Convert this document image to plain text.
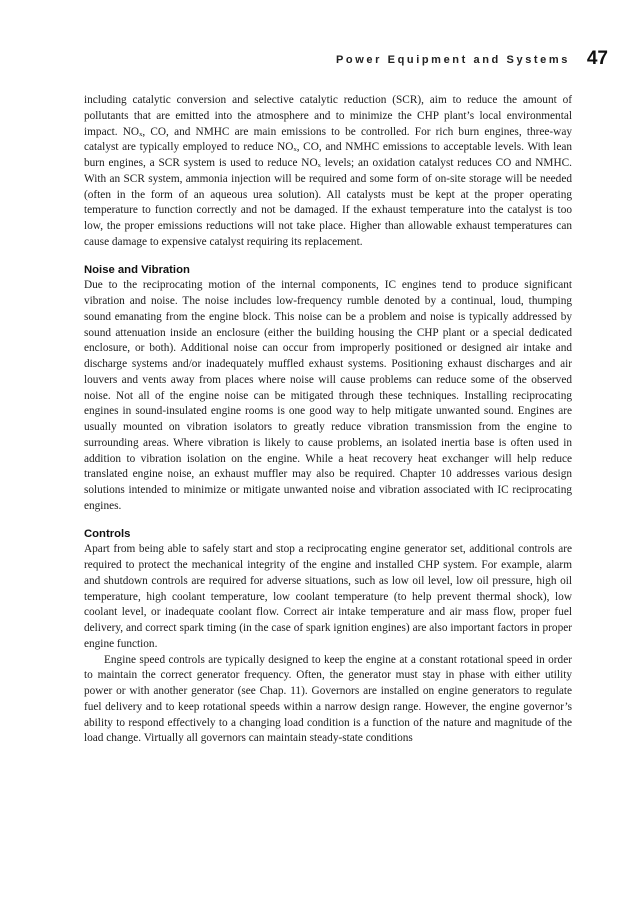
Power Equipment and Systems 47

including catalytic conversion and selective catalytic reduction (SCR), aim to reduce the amount of pollutants that are emitted into the atmosphere and to minimize the CHP plant’s local environmental impact. NOₓ, CO, and NMHC are main emissions to be controlled. For rich burn engines, three-way catalyst are typically employed to reduce NOₓ, CO, and NMHC emissions to acceptable levels. With lean burn engines, a SCR system is used to reduce NOₓ levels; an oxidation catalyst reduces CO and NMHC. With an SCR system, ammonia injection will be required and some form of on-site storage will be needed (often in the form of an aqueous urea solution). All catalysts must be kept at the proper operating temperature to function correctly and not be damaged. If the exhaust temperature into the catalyst is too low, the proper emissions reductions will not take place. Higher than allowable exhaust temperatures can cause damage to expensive catalyst requiring its replacement.

Noise and Vibration

Due to the reciprocating motion of the internal components, IC engines tend to produce significant vibration and noise. The noise includes low-frequency rumble denoted by a continual, loud, thumping sound emanating from the engine block. This noise can be a problem and noise is typically addressed by sound attenuation inside an enclosure (either the building housing the CHP plant or a special dedicated enclosure, or both). Additional noise can occur from improperly positioned or designed air intake and discharge systems and/or inadequately muffled exhaust systems. Positioning exhaust discharges and air louvers and vents away from places where noise will cause problems can reduce some of the observed noise. Not all of the engine noise can be mitigated through these techniques. Installing reciprocating engines in sound-insulated engine rooms is one good way to help mitigate unwanted sound. Engines are usually mounted on vibration isolators to greatly reduce vibration transmission from the engine to surrounding areas. Where vibration is likely to cause problems, an isolated inertia base is often used in addition to vibration isolation on the engine. While a heat recovery heat exchanger will help reduce translated engine noise, an exhaust muffler may also be required. Chapter 10 addresses various design solutions intended to minimize or mitigate unwanted noise and vibration associated with IC reciprocating engines.

Controls

Apart from being able to safely start and stop a reciprocating engine generator set, additional controls are required to protect the mechanical integrity of the engine and installed CHP system. For example, alarm and shutdown controls are required for adverse situations, such as low oil level, low oil pressure, high oil temperature, high coolant temperature, low coolant temperature (to help prevent thermal shock), low coolant level, or inadequate coolant flow. Correct air intake temperature and air mass flow, proper fuel delivery, and correct spark timing (in the case of spark ignition engines) are also important factors in proper engine function.

Engine speed controls are typically designed to keep the engine at a constant rotational speed in order to maintain the correct generator frequency. Often, the generator must stay in phase with either utility power or with another generator (see Chap. 11). Governors are installed on engine generators to regulate fuel delivery and to keep rotational speeds within a narrow design range. However, the engine governor’s ability to respond effectively to a changing load condition is a function of the nature and magnitude of the load change. Virtually all governors can maintain steady-state conditions
